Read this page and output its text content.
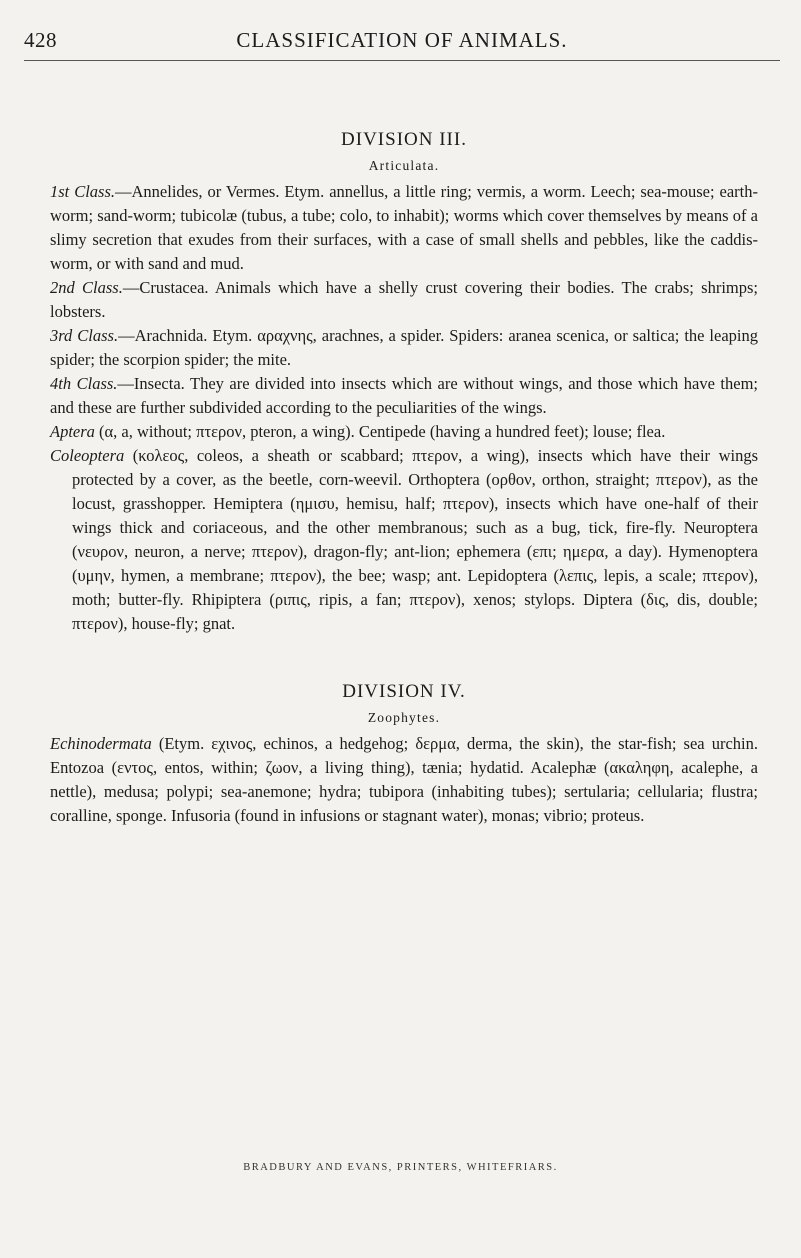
428	CLASSIFICATION OF ANIMALS.
DIVISION III.
Articulata.

1st Class.—Annelides, or Vermes. Etym. annellus, a little ring; vermis, a worm. Leech; sea-mouse; earth-worm; sand-worm; tubicolæ (tubus, a tube; colo, to inhabit); worms which cover themselves by means of a slimy secretion that exudes from their surfaces, with a case of small shells and pebbles, like the caddis-worm, or with sand and mud.

2nd Class.—Crustacea. Animals which have a shelly crust covering their bodies. The crabs; shrimps; lobsters.

3rd Class.—Arachnida. Etym. αραχνης, arachnes, a spider. Spiders: aranea scenica, or saltica; the leaping spider; the scorpion spider; the mite.

4th Class.—Insecta. They are divided into insects which are without wings, and those which have them; and these are further subdivided according to the peculiarities of the wings.

Aptera (α, a, without; πτερον, pteron, a wing). Centipede (having a hundred feet); louse; flea.

Coleoptera (κολεος, coleos, a sheath or scabbard; πτερον, a wing), insects which have their wings protected by a cover, as the beetle, corn-weevil. Orthoptera (ορθον, orthon, straight; πτερον), as the locust, grasshopper. Hemiptera (ημισυ, hemisu, half; πτερον), insects which have one-half of their wings thick and coriaceous, and the other membranous; such as a bug, tick, fire-fly. Neuroptera (νευρον, neuron, a nerve; πτερον), dragon-fly; ant-lion; ephemera (επι; ημερα, a day). Hymenoptera (υμην, hymen, a membrane; πτερον), the bee; wasp; ant. Lepidoptera (λεπις, lepis, a scale; πτερον), moth; butter-fly. Rhipiptera (ριπις, ripis, a fan; πτερον), xenos; stylops. Diptera (δις, dis, double; πτερον), house-fly; gnat.

DIVISION IV.
Zoophytes.

Echinodermata (Etym. εχινος, echinos, a hedgehog; δερμα, derma, the skin), the star-fish; sea urchin. Entozoa (εντος, entos, within; ζωον, a living thing), tænia; hydatid. Acalephæ (ακαληφη, acalephe, a nettle), medusa; polypi; sea-anemone; hydra; tubipora (inhabiting tubes); sertularia; cellularia; flustra; coralline, sponge. Infusoria (found in infusions or stagnant water), monas; vibrio; proteus.

BRADBURY AND EVANS, PRINTERS, WHITEFRIARS.
